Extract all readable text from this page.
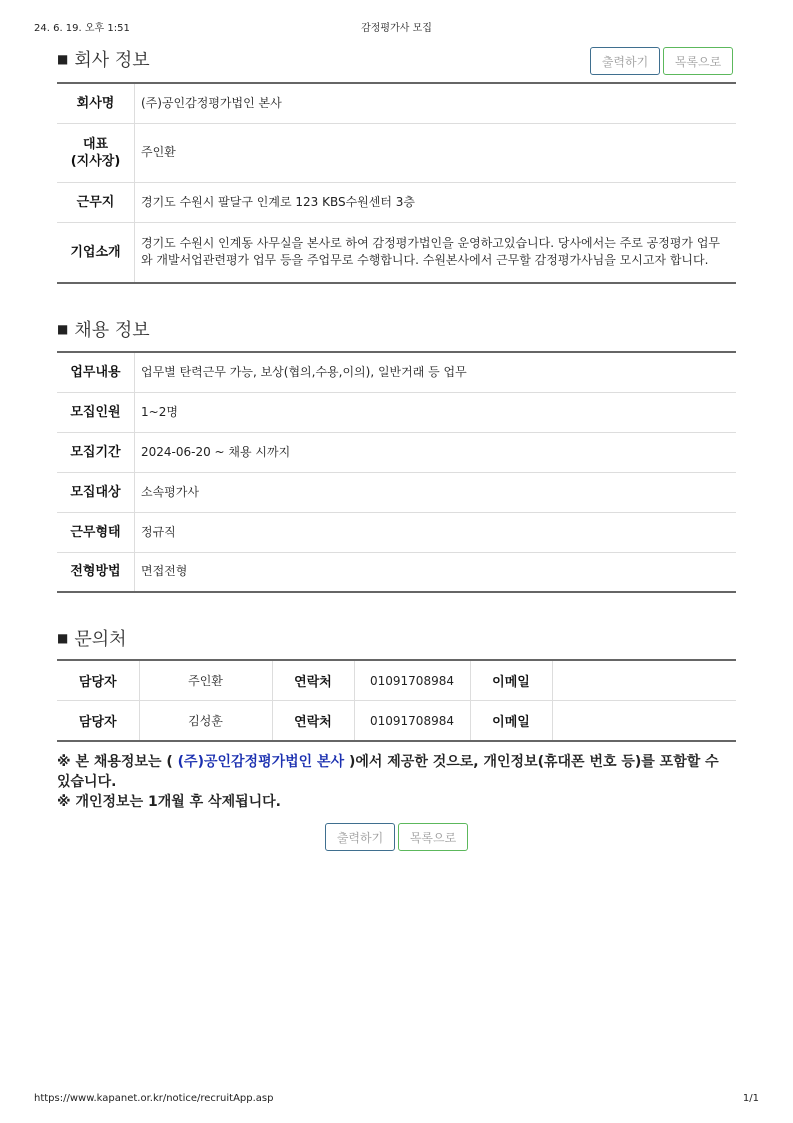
24. 6. 19. 오후 1:51	감정평가사 모집
■ 회사 정보	출력하기	목록으로
회사명	(주)공인감정평가법인 본사

대표
(지사장)	주인환
근무지	경기도 수원시 팔달구 인계로 123 KBS수원센터 3층
기업소개	경기도 수원시 인계동 사무실을 본사로 하여 감정평가법인을 운영하고있습니다. 당사에서는 주로 공정평가 업무와 개발서업관련평가 업무 등을 주업무로 수행합니다. 수원본사에서 근무할 감정평가사님을 모시고자 합니다.
■ 채용 정보
업무내용	업무별 탄력근무 가능, 보상(협의,수용,이의), 일반거래 등 업무
모집인원	1~2명
모집기간	2024-06-20 ~ 채용 시까지
모집대상	소속평가사
근무형태	정규직
전형방법	면접전형
■ 문의처
담당자	주인환	연락처	01091708984	이메일	
담당자	김성훈	연락처	01091708984	이메일	
※ 본 채용정보는 ( (주)공인감정평가법인 본사 )에서 제공한 것으로, 개인정보(휴대폰 번호 등)를 포함할 수 있습니다.
※ 개인정보는 1개월 후 삭제됩니다.
출력하기	목록으로
https://www.kapanet.or.kr/notice/recruitApp.asp	1/1
